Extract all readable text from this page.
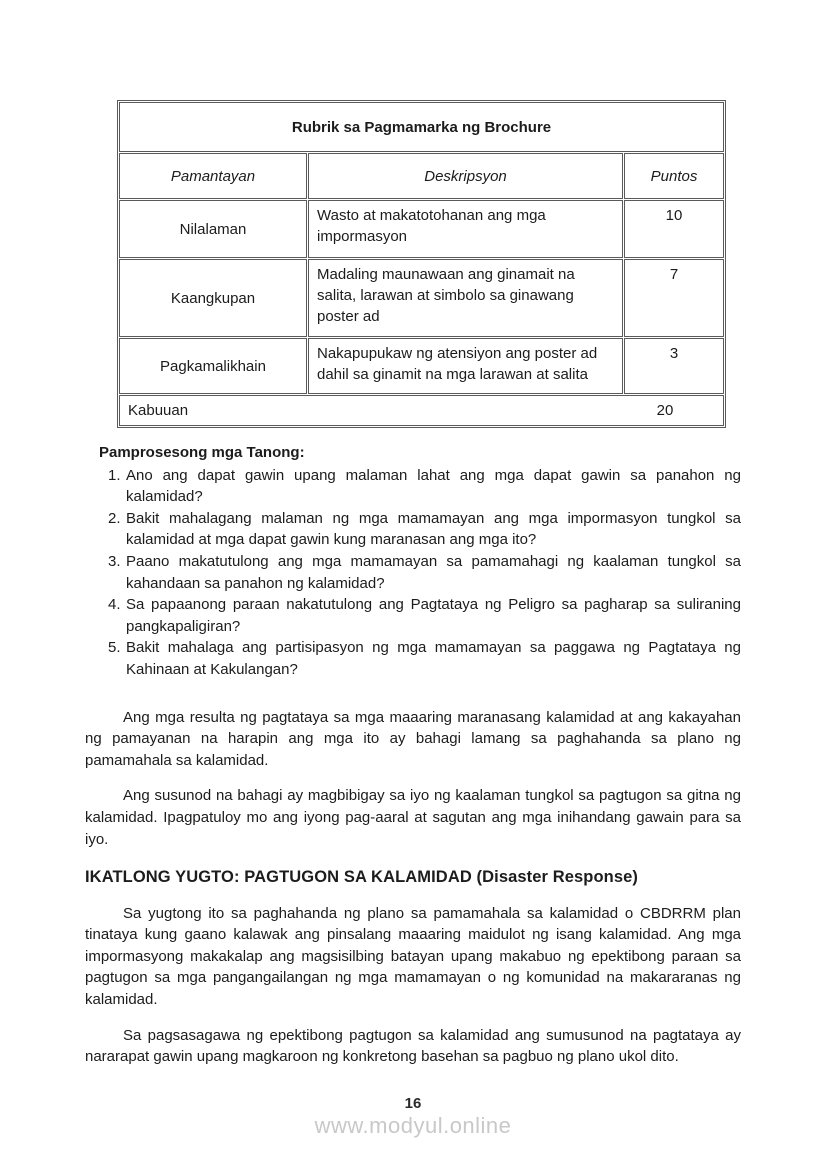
Rubrik sa Pagmamarka ng Brochure		
Pamantayan	Deskripsyon	Puntos
Nilalaman	Wasto at makatotohanan ang mga impormasyon	10
Kaangkupan	Madaling maunawaan ang ginamait na salita, larawan at simbolo sa ginawang poster ad	7
Pagkamalikhain	Nakapupukaw ng atensiyon ang poster ad dahil sa ginamit na mga larawan at salita	3

Kabuuan 20		
Pamprosesong mga Tanong:
1. Ano ang dapat gawin upang malaman lahat ang mga dapat gawin sa panahon ng kalamidad?
2. Bakit mahalagang malaman ng mga mamamayan ang mga impormasyon tungkol sa kalamidad at mga dapat gawin kung maranasan ang mga ito?
3. Paano makatutulong ang mga mamamayan sa pamamahagi ng kaalaman tungkol sa kahandaan sa panahon ng kalamidad?
4. Sa papaanong paraan nakatutulong ang Pagtataya ng Peligro sa pagharap sa suliraning pangkapaligiran?
5. Bakit mahalaga ang partisipasyon ng mga mamamayan sa paggawa ng Pagtataya ng Kahinaan at Kakulangan?

Ang mga resulta ng pagtataya sa mga maaaring maranasang kalamidad at ang kakayahan ng pamayanan na harapin ang mga ito ay bahagi lamang sa paghahanda sa plano ng pamamahala sa kalamidad.

Ang susunod na bahagi ay magbibigay sa iyo ng kaalaman tungkol sa pagtugon sa gitna ng kalamidad. Ipagpatuloy mo ang iyong pag-aaral at sagutan ang mga inihandang gawain para sa iyo.

IKATLONG YUGTO: PAGTUGON SA KALAMIDAD (Disaster Response)

Sa yugtong ito sa paghahanda ng plano sa pamamahala sa kalamidad o CBDRRM plan tinataya kung gaano kalawak ang pinsalang maaaring maidulot ng isang kalamidad. Ang mga impormasyong makakalap ang magsisilbing batayan upang makabuo ng epektibong paraan sa pagtugon sa mga pangangailangan ng mga mamamayan o ng komunidad na makararanas ng kalamidad.

Sa pagsasagawa ng epektibong pagtugon sa kalamidad ang sumusunod na pagtataya ay nararapat gawin upang magkaroon ng konkretong basehan sa pagbuo ng plano ukol dito.

16
www.modyul.online
